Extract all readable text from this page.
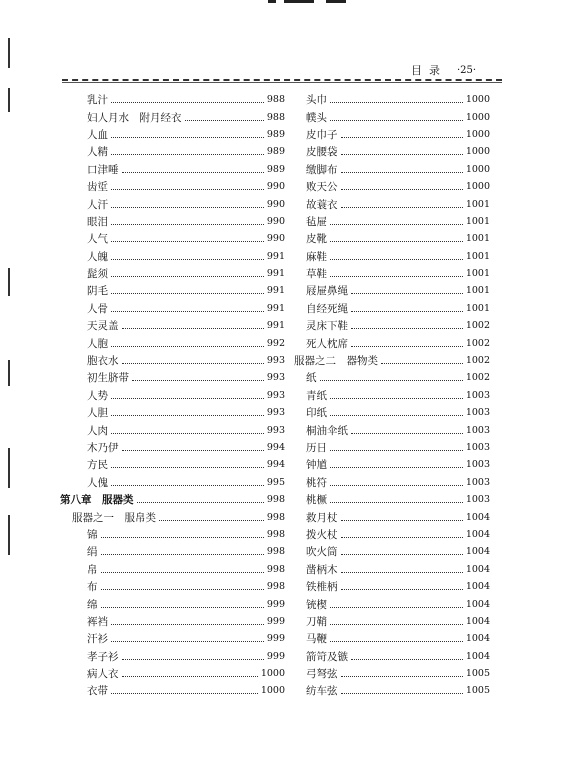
目录 ·25·
乳汁	988
妇人月水　附月经衣	988
人血	989
人精	989
口津唾	989
齿垽	990
人汗	990
眼泪	990
人气	990
人魄	991
髭须	991
阴毛	991
人骨	991
天灵盖	991
人胞	992
胞衣水	993
初生脐带	993
人势	993
人胆	993
人肉	993
木乃伊	994
方民	994
人傀	995
第八章　服器类	998
服器之一　服帛类	998
锦	998
绢	998
帛	998
布	998
绵	999
裈裆	999
汗衫	999
孝子衫	999
病人衣	1000
衣带	1000
头巾	1000
幞头	1000
皮巾子	1000
皮腰袋	1000
缴脚布	1000
败天公	1000
故蓑衣	1001
毡屉	1001
皮靴	1001
麻鞋	1001
草鞋	1001
屐屉鼻绳	1001
自经死绳	1001
灵床下鞋	1002
死人枕席	1002
服器之二　器物类	1002
纸	1002
青纸	1003
印纸	1003
桐油伞纸	1003
历日	1003
钟馗	1003
桃符	1003
桃橛	1003
救月杖	1004
拨火杖	1004
吹火筒	1004
凿柄木	1004
铁椎柄	1004
铳楔	1004
刀鞘	1004
马鞭	1004
箭笴及镞	1004
弓弩弦	1005
纺车弦	1005
